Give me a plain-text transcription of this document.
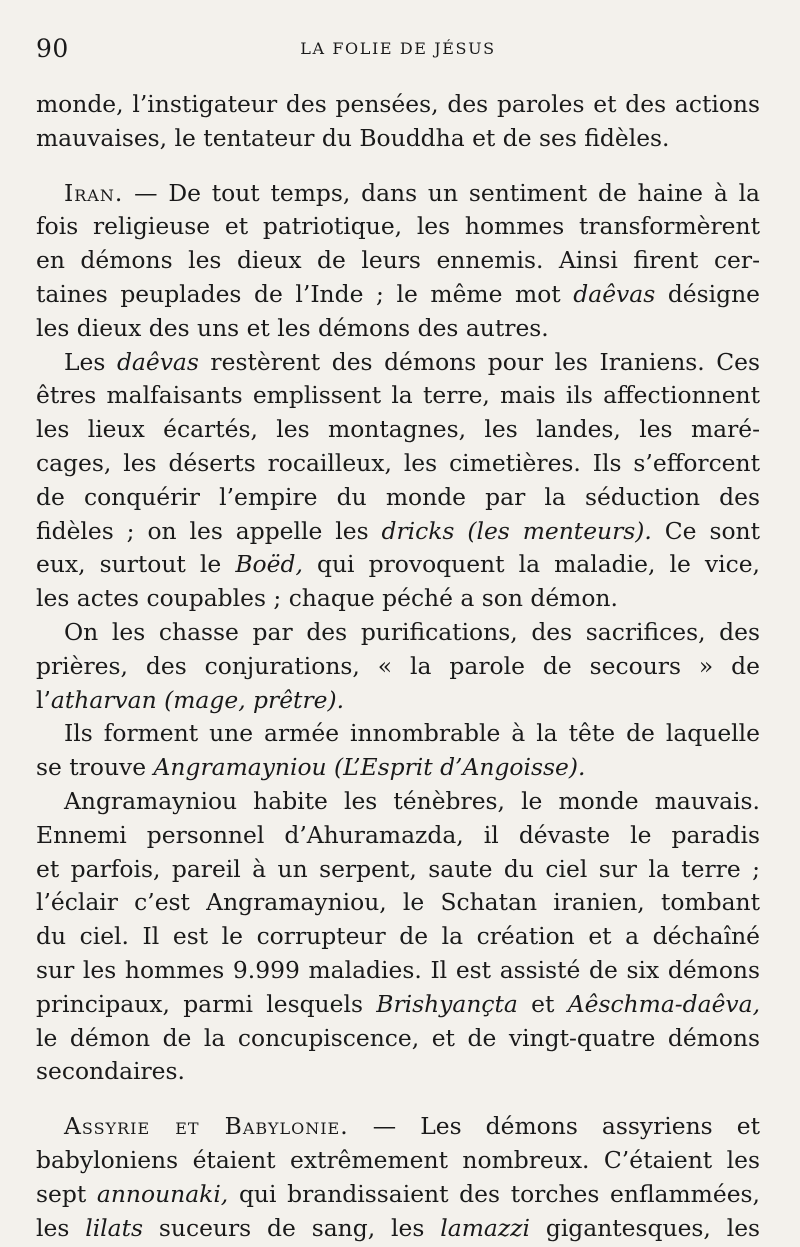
90	LA FOLIE DE JÉSUS
monde, l’instigateur des pensées, des paroles et des actions
mauvaises, le tentateur du Bouddha et de ses fidèles.
Iran. — De tout temps, dans un sentiment de haine à la
fois religieuse et patriotique, les hommes transformèrent
en démons les dieux de leurs ennemis. Ainsi firent cer-
taines peuplades de l’Inde ; le même mot daêvas désigne
les dieux des uns et les démons des autres.
Les daêvas restèrent des démons pour les Iraniens. Ces
êtres malfaisants emplissent la terre, mais ils affectionnent
les lieux écartés, les montagnes, les landes, les maré-
cages, les déserts rocailleux, les cimetières. Ils s’efforcent
de conquérir l’empire du monde par la séduction des
fidèles ; on les appelle les dricks (les menteurs). Ce sont
eux, surtout le Boëd, qui provoquent la maladie, le vice,
les actes coupables ; chaque péché a son démon.
On les chasse par des purifications, des sacrifices, des
prières, des conjurations, « la parole de secours » de
l’atharvan (mage, prêtre).
Ils forment une armée innombrable à la tête de laquelle
se trouve Angramayniou (L’Esprit d’Angoisse).
Angramayniou habite les ténèbres, le monde mauvais.
Ennemi personnel d’Ahuramazda, il dévaste le paradis
et parfois, pareil à un serpent, saute du ciel sur la terre ;
l’éclair c’est Angramayniou, le Schatan iranien, tombant
du ciel. Il est le corrupteur de la création et a déchaîné
sur les hommes 9.999 maladies. Il est assisté de six démons
principaux, parmi lesquels Brishyançta et Aêschma-daêva,
le démon de la concupiscence, et de vingt-quatre démons
secondaires.
Assyrie et Babylonie. — Les démons assyriens et
babyloniens étaient extrêmement nombreux. C’étaient les
sept announaki, qui brandissaient des torches enflammées,
les lilats suceurs de sang, les lamazzi gigantesques, les
